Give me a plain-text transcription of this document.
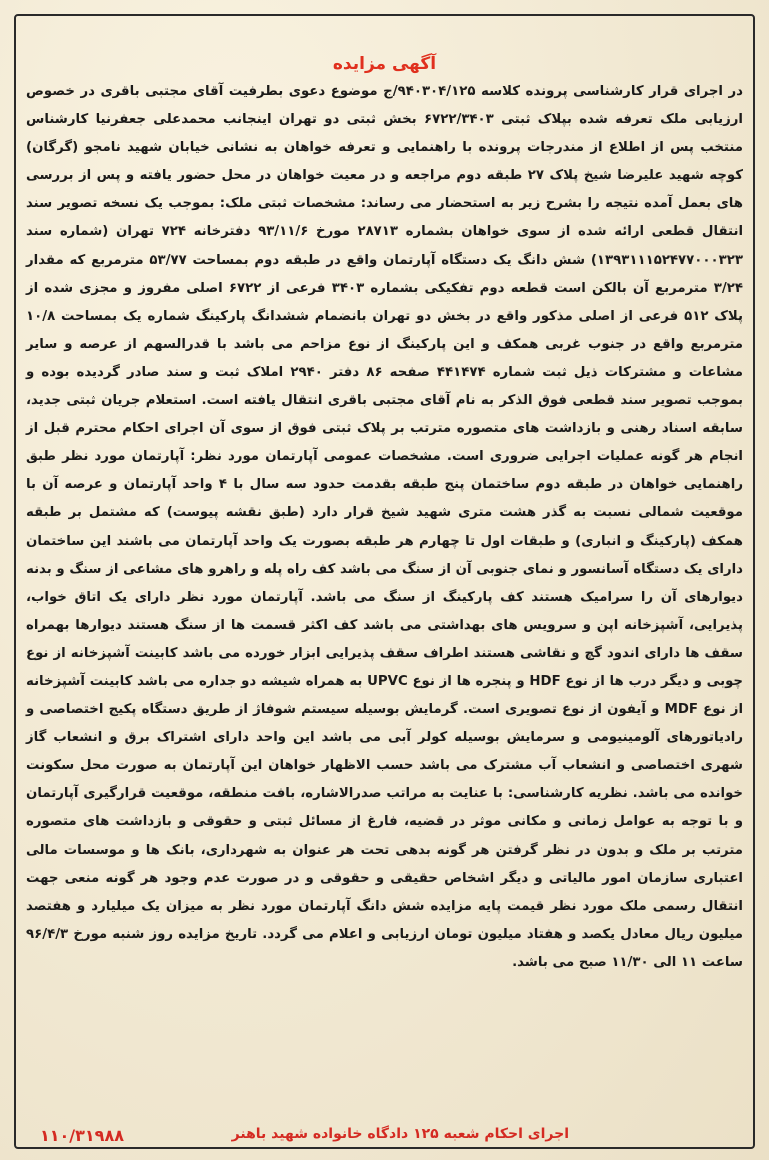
آگهی مزایده

در اجرای قرار کارشناسی پرونده کلاسه ۹۴۰۳۰۴/۱۲۵/ج موضوع دعوی بطرفیت آقای مجتبی باقری در خصوص ارزیابی ملک تعرفه شده بپلاک ثبتی ۶۷۲۲/۳۴۰۳ بخش ثبتی دو تهران اینجانب محمدعلی جعفرنیا کارشناس منتخب پس از اطلاع از مندرجات پرونده با راهنمایی و تعرفه خواهان به نشانی خیابان شهید نامجو (گرگان) کوچه شهید علیرضا شیخ پلاک ۲۷ طبقه دوم مراجعه و در معیت خواهان در محل حضور یافته و پس از بررسی های بعمل آمده نتیجه را بشرح زیر به استحضار می رساند: مشخصات ثبتی ملک: بموجب یک نسخه تصویر سند انتقال قطعی ارائه شده از سوی خواهان بشماره ۲۸۷۱۳ مورخ ۹۳/۱۱/۶ دفترخانه ۷۲۴ تهران (شماره سند ۱۳۹۳۱۱۱۵۲۴۷۷۰۰۰۳۲۳) شش دانگ یک دستگاه آپارتمان واقع در طبقه دوم بمساحت ۵۳/۷۷ مترمربع که مقدار ۳/۲۴ مترمربع آن بالکن است قطعه دوم تفکیکی بشماره ۳۴۰۳ فرعی از ۶۷۲۲ اصلی مفروز و مجزی شده از پلاک ۵۱۲ فرعی از اصلی مذکور واقع در بخش دو تهران بانضمام ششدانگ پارکینگ شماره یک بمساحت ۱۰/۸ مترمربع واقع در جنوب غربی همکف و این پارکینگ از نوع مزاحم می باشد با قدرالسهم از عرصه و سایر مشاعات و مشترکات ذیل ثبت شماره ۴۴۱۴۷۴ صفحه ۸۶ دفتر ۲۹۴۰ املاک ثبت و سند صادر گردیده بوده و بموجب تصویر سند قطعی فوق الذکر به نام آقای مجتبی باقری انتقال یافته است. استعلام جریان ثبتی جدید، سابقه اسناد رهنی و بازداشت های متصوره مترتب بر پلاک ثبتی فوق از سوی آن اجرای احکام محترم قبل از انجام هر گونه عملیات اجرایی ضروری است. مشخصات عمومی آپارتمان مورد نظر: آپارتمان مورد نظر طبق راهنمایی خواهان در طبقه دوم ساختمان پنج طبقه بقدمت حدود سه سال با ۴ واحد آپارتمان و عرصه آن با موقعیت شمالی نسبت به گذر هشت متری شهید شیخ قرار دارد (طبق نقشه پیوست) که مشتمل بر طبقه همکف (پارکینگ و انباری) و طبقات اول تا چهارم هر طبقه بصورت یک واحد آپارتمان می باشند این ساختمان دارای یک دستگاه آسانسور و نمای جنوبی آن از سنگ می باشد کف راه پله و راهرو های مشاعی از سنگ و بدنه دیوارهای آن را سرامیک هستند کف پارکینگ از سنگ می باشد. آپارتمان مورد نظر دارای یک اتاق خواب، پذیرایی، آشپزخانه اپن و سرویس های بهداشتی می باشد کف اکثر قسمت ها از سنگ هستند دیوارها بهمراه سقف ها دارای اندود گچ و نقاشی هستند اطراف سقف پذیرایی ابزار خورده می باشد کابینت آشپزخانه از نوع چوبی و دیگر درب ها از نوع HDF و پنجره ها از نوع UPVC به همراه شیشه دو جداره می باشد کابینت آشپزخانه از نوع MDF و آیفون از نوع تصویری است. گرمایش بوسیله سیستم شوفاژ از طریق دستگاه پکیج اختصاصی و رادیاتورهای آلومینیومی و سرمایش بوسیله کولر آبی می باشد این واحد دارای اشتراک برق و انشعاب گاز شهری اختصاصی و انشعاب آب مشترک می باشد حسب الاظهار خواهان این آپارتمان به صورت محل سکونت خوانده می باشد. نظریه کارشناسی: با عنایت به مراتب صدرالاشاره، بافت منطقه، موقعیت قرارگیری آپارتمان و با توجه به عوامل زمانی و مکانی موثر در قضیه، فارغ از مسائل ثبتی و حقوقی و بازداشت های متصوره مترتب بر ملک و بدون در نظر گرفتن هر گونه بدهی تحت هر عنوان به شهرداری، بانک ها و موسسات مالی اعتباری سازمان امور مالیاتی و دیگر اشخاص حقیقی و حقوقی و در صورت عدم وجود هر گونه منعی جهت انتقال رسمی ملک مورد نظر قیمت پایه مزایده شش دانگ آپارتمان مورد نظر به میزان یک میلیارد و هفتصد میلیون ریال معادل یکصد و هفتاد میلیون تومان ارزیابی و اعلام می گردد. تاریخ مزایده روز شنبه مورخ ۹۶/۴/۳ ساعت ۱۱ الی ۱۱/۳۰ صبح می باشد.

اجرای احکام شعبه ۱۲۵ دادگاه خانواده شهید باهنر
۱۱۰/۳۱۹۸۸
